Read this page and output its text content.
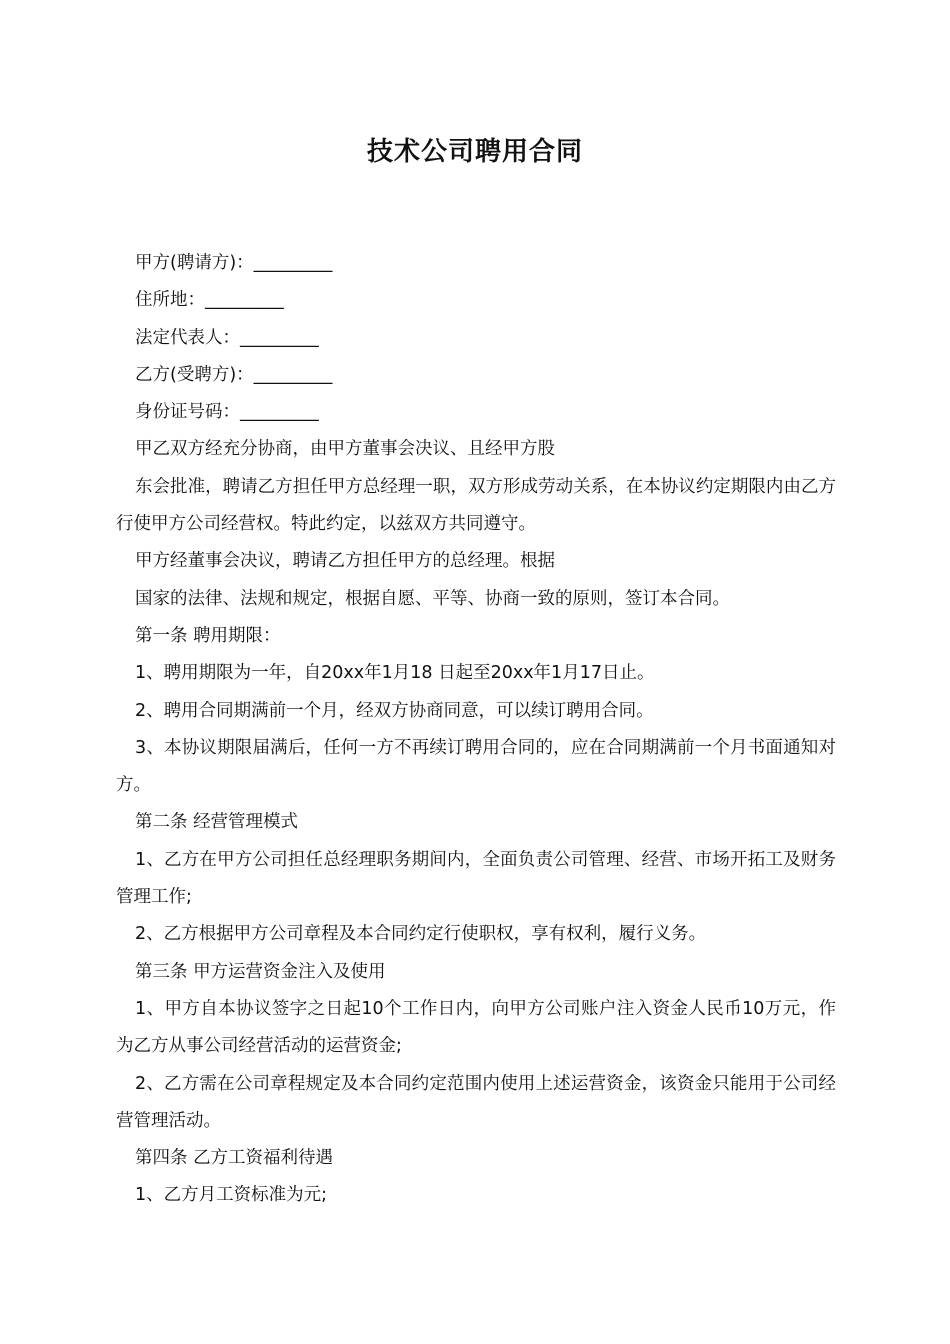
技术公司聘用合同
甲方(聘请方)：_________
住所地：_________
法定代表人：_________
乙方(受聘方)：_________
身份证号码：_________
甲乙双方经充分协商，由甲方董事会决议、且经甲方股
东会批准，聘请乙方担任甲方总经理一职，双方形成劳动关系，在本协议约定期限内由乙方行使甲方公司经营权。特此约定，以兹双方共同遵守。
甲方经董事会决议，聘请乙方担任甲方的总经理。根据
国家的法律、法规和规定，根据自愿、平等、协商一致的原则，签订本合同。
第一条 聘用期限：
1、聘用期限为一年，自20xx年1月18 日起至20xx年1月17日止。
2、聘用合同期满前一个月，经双方协商同意，可以续订聘用合同。
3、本协议期限届满后，任何一方不再续订聘用合同的，应在合同期满前一个月书面通知对方。
第二条 经营管理模式
1、乙方在甲方公司担任总经理职务期间内，全面负责公司管理、经营、市场开拓工及财务管理工作;
2、乙方根据甲方公司章程及本合同约定行使职权，享有权利，履行义务。
第三条 甲方运营资金注入及使用
1、甲方自本协议签字之日起10个工作日内，向甲方公司账户注入资金人民币10万元，作为乙方从事公司经营活动的运营资金;
2、乙方需在公司章程规定及本合同约定范围内使用上述运营资金，该资金只能用于公司经营管理活动。
第四条 乙方工资福利待遇
1、乙方月工资标准为元;
